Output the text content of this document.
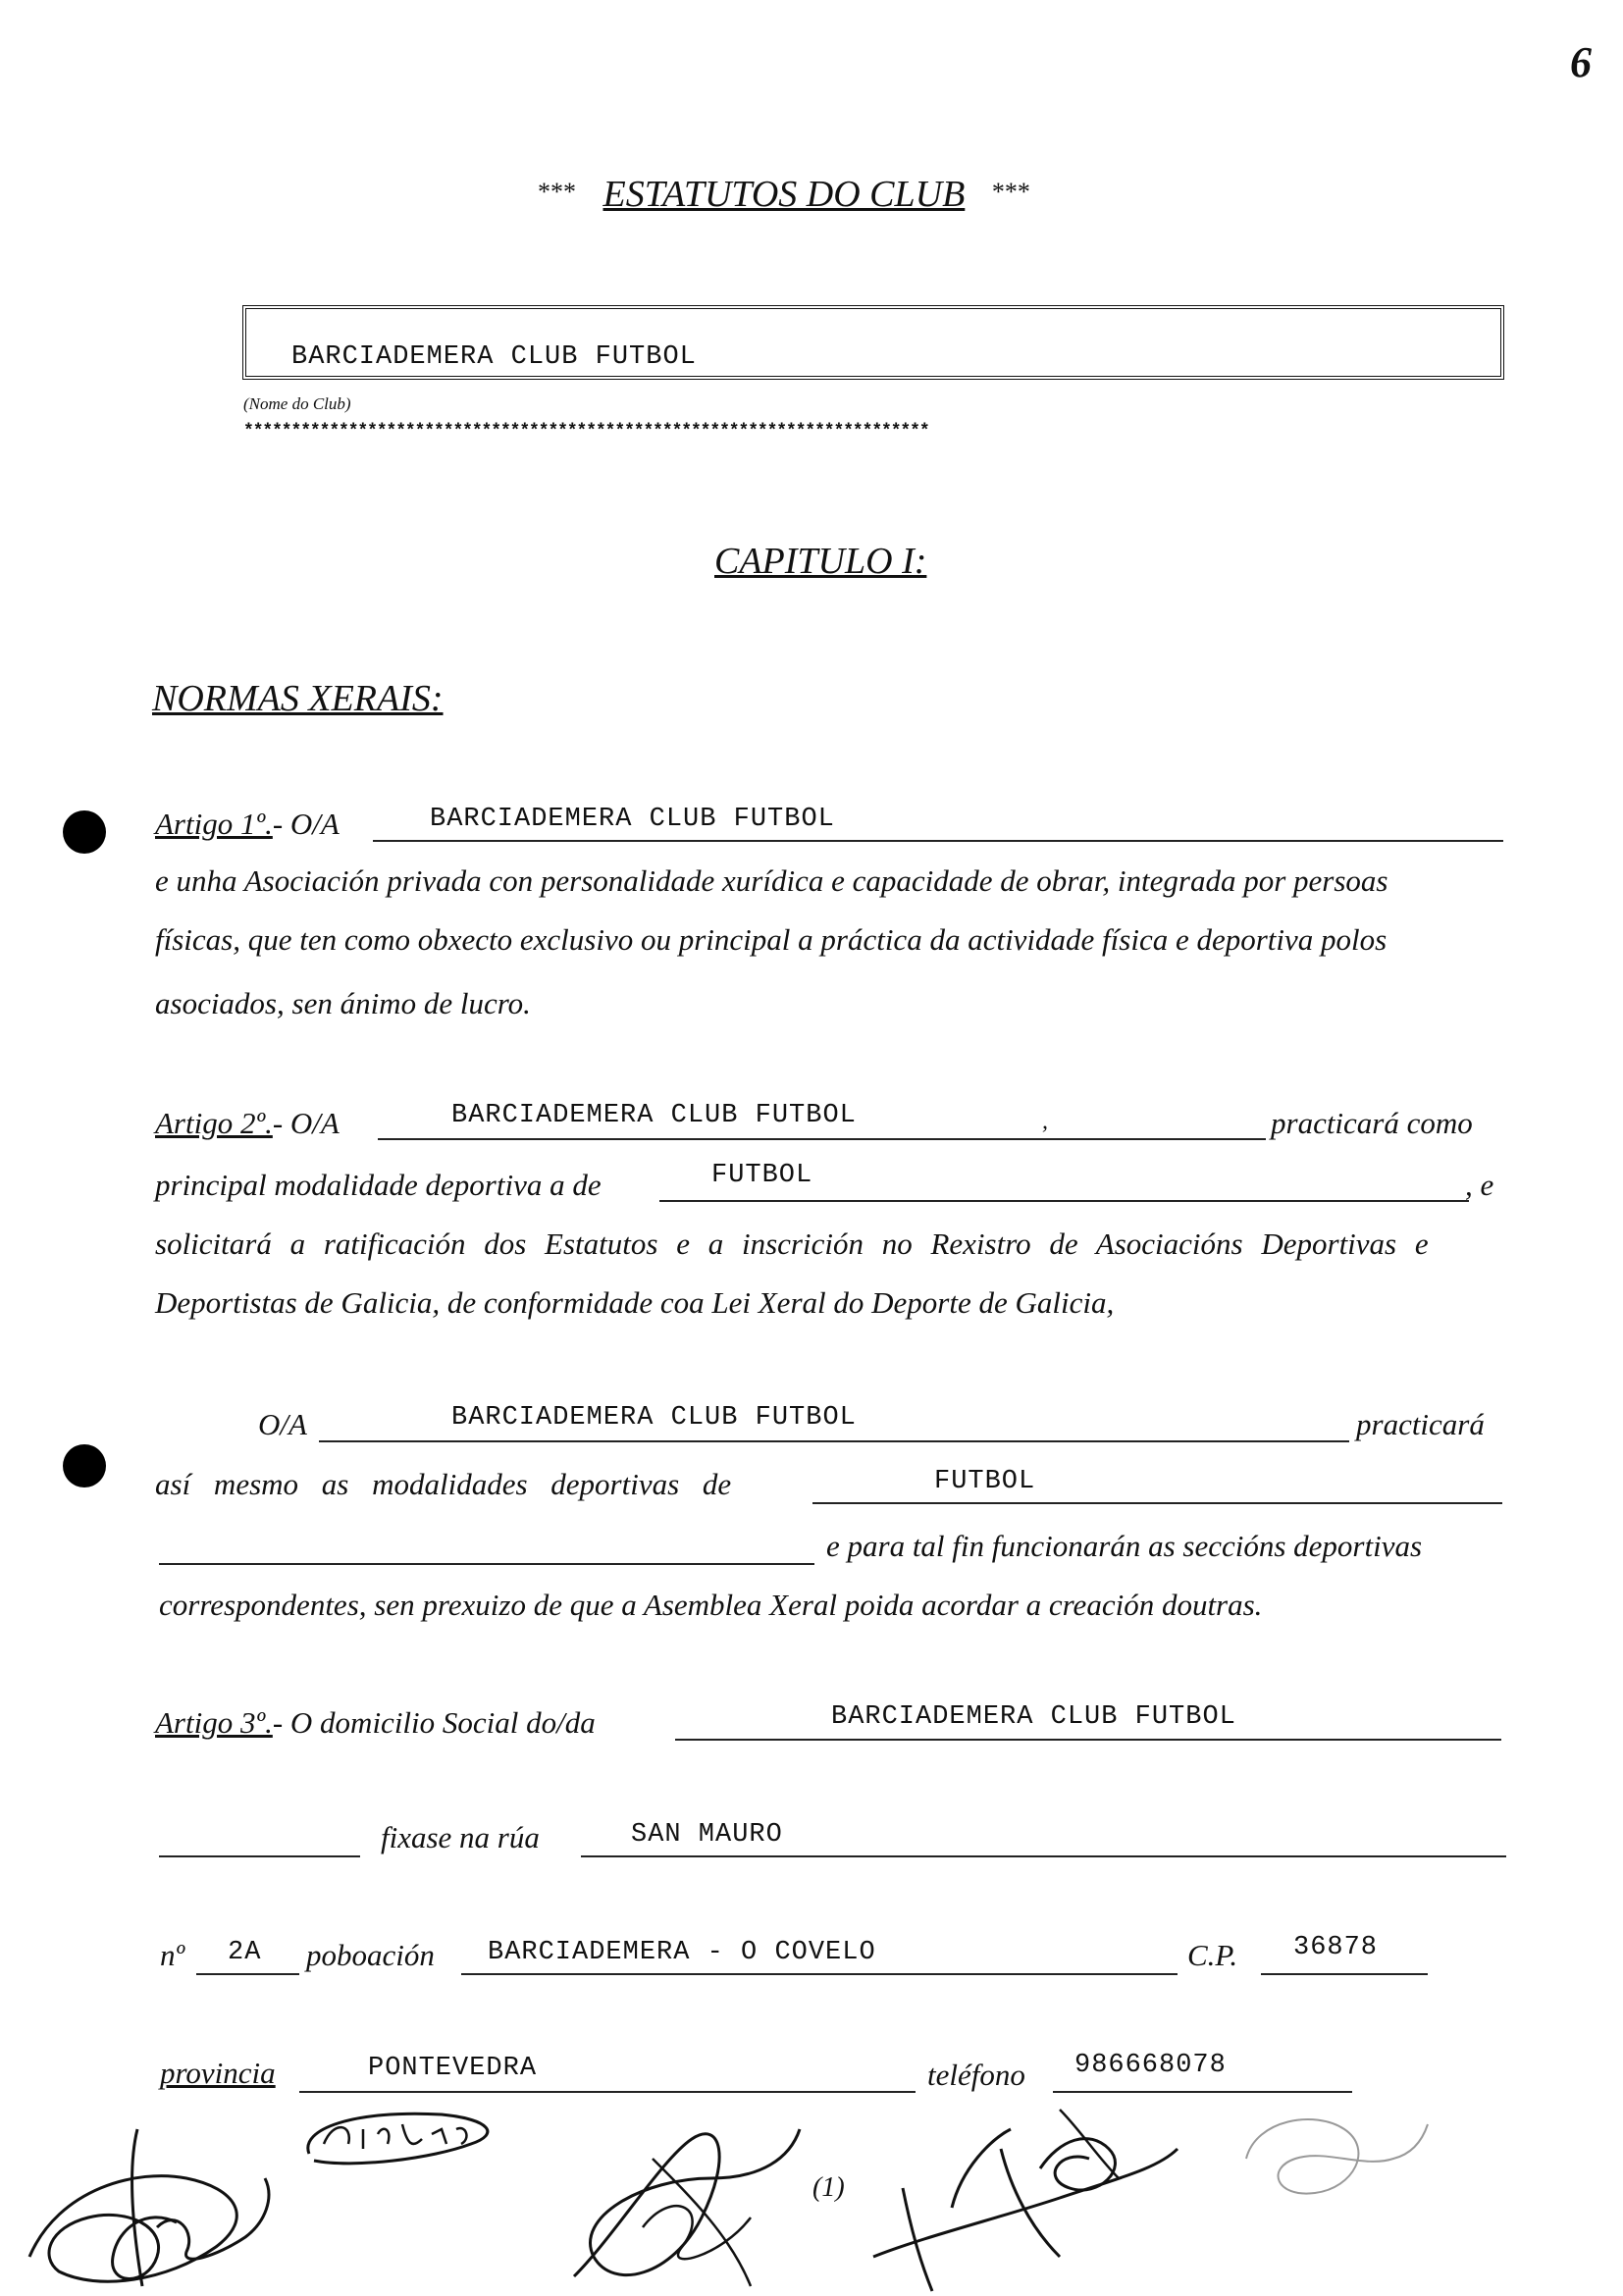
6
*** ESTATUTOS DO CLUB ***
BARCIADEMERA CLUB FUTBOL
(Nome do Club)
************************************************************************
CAPITULO I:
NORMAS XERAIS:
Artigo 1º.- O/A	BARCIADEMERA CLUB FUTBOL
e unha Asociación privada con personalidade xurídica e capacidade de obrar, integrada por persoas
físicas, que ten como obxecto exclusivo ou principal a práctica da actividade física e deportiva polos
asociados, sen ánimo de lucro.
Artigo 2º.- O/A	BARCIADEMERA CLUB FUTBOL	,	practicará como
principal modalidade deportiva a de	FUTBOL	, e
solicitará a ratificación dos Estatutos e a inscrición no Rexistro de Asociacións Deportivas e
Deportistas de Galicia, de conformidade coa Lei Xeral do Deporte de Galicia,
O/A	BARCIADEMERA CLUB FUTBOL	practicará
así mesmo as modalidades deportivas de	FUTBOL
e para tal fin funcionarán as seccións deportivas
correspondentes, sen prexuizo de que a Asemblea Xeral poida acordar a creación doutras.
Artigo 3º.- O domicilio Social do/da	BARCIADEMERA CLUB FUTBOL
fixase na rúa	SAN MAURO
nº 2A poboación BARCIADEMERA - O COVELO	C.P. 36878
provincia	PONTEVEDRA	teléfono 986668078
(1)
